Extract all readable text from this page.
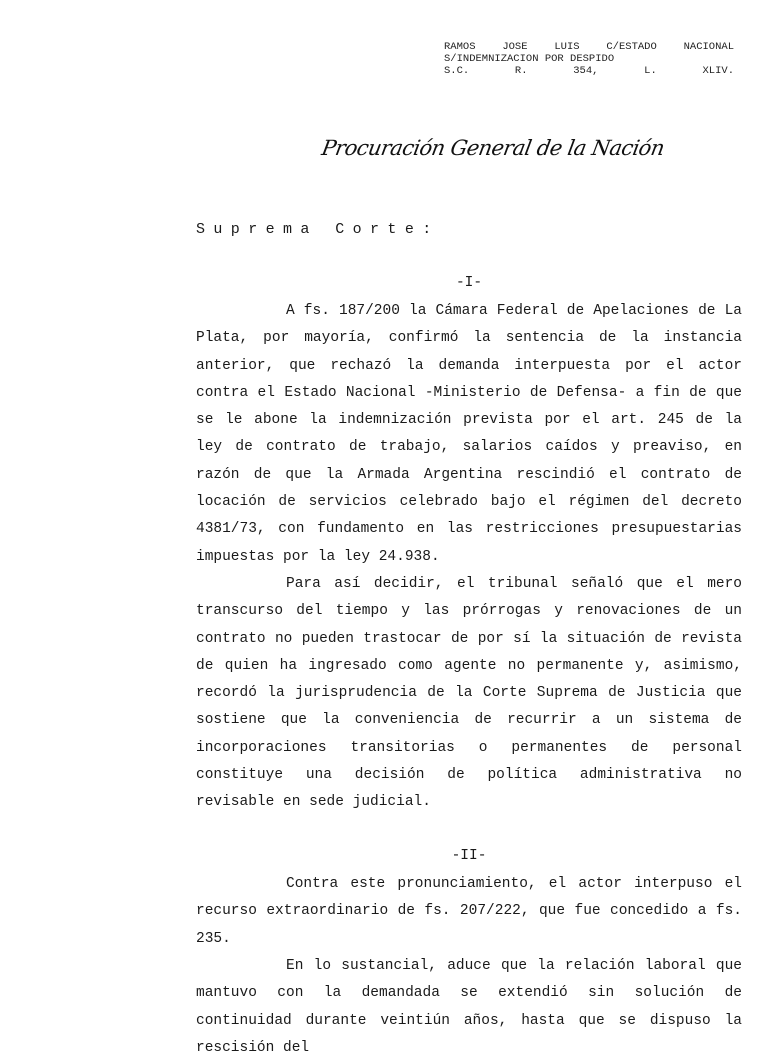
RAMOS JOSE LUIS C/ESTADO NACIONAL
S/INDEMNIZACION POR DESPIDO
S.C. R. 354, L. XLIV.
Procuración General de la Nación
Suprema Corte:
-I-

A fs. 187/200 la Cámara Federal de Apelaciones de La Plata, por mayoría, confirmó la sentencia de la instancia anterior, que rechazó la demanda interpuesta por el actor contra el Estado Nacional -Ministerio de Defensa- a fin de que se le abone la indemnización prevista por el art. 245 de la ley de contrato de trabajo, salarios caídos y preaviso, en razón de que la Armada Argentina rescindió el contrato de locación de servicios celebrado bajo el régimen del decreto 4381/73, con fundamento en las restricciones presupuestarias impuestas por la ley 24.938.

Para así decidir, el tribunal señaló que el mero transcurso del tiempo y las prórrogas y renovaciones de un contrato no pueden trastocar de por sí la situación de revista de quien ha ingresado como agente no permanente y, asimismo, recordó la jurisprudencia de la Corte Suprema de Justicia que sostiene que la conveniencia de recurrir a un sistema de incorporaciones transitorias o permanentes de personal constituye una decisión de política administrativa no revisable en sede judicial.

-II-

Contra este pronunciamiento, el actor interpuso el recurso extraordinario de fs. 207/222, que fue concedido a fs. 235.

En lo sustancial, aduce que la relación laboral que mantuvo con la demandada se extendió sin solución de continuidad durante veintiún años, hasta que se dispuso la rescisión del
